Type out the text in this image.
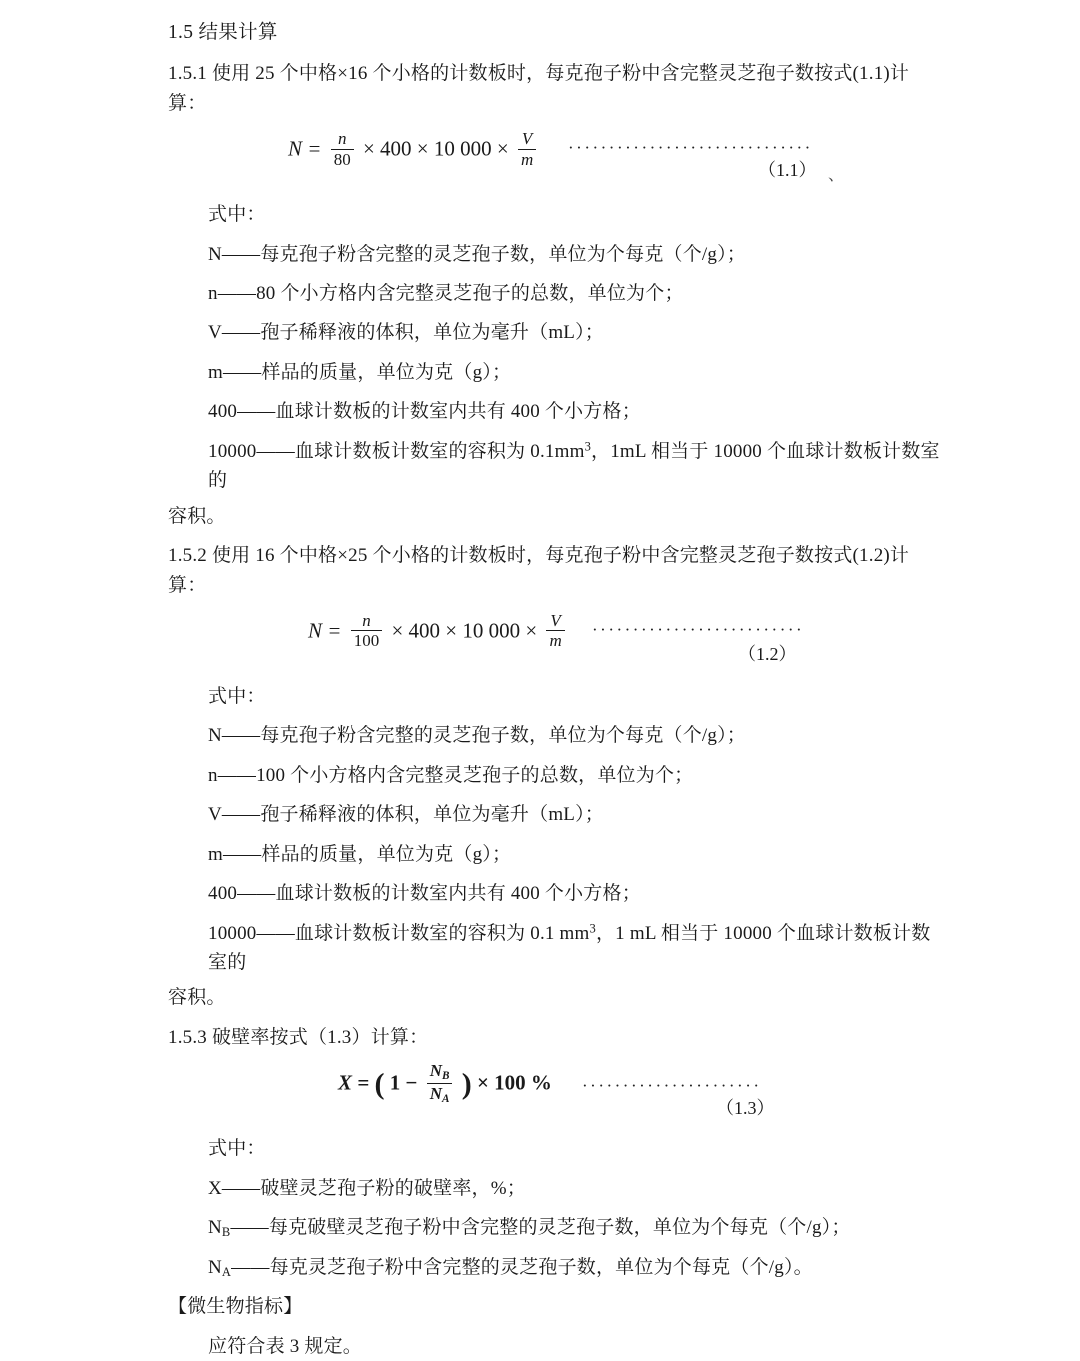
1.5 结果计算
1.5.1 使用 25 个中格×16 个小格的计数板时，每克孢子粉中含完整灵芝孢子数按式(1.1)计算：
$N = \frac{n}{80} \times 400 \times 10$ $000 \times \frac{V}{m}$ ······························
（1.1） 、
式中：
N——每克孢子粉含完整的灵芝孢子数，单位为个每克（个/g）；
n——80 个小方格内含完整灵芝孢子的总数，单位为个；
V——孢子稀释液的体积，单位为毫升（mL）；
m——样品的质量，单位为克（g）；
400——血球计数板的计数室内共有 400 个小方格；
10000——血球计数板计数室的容积为 $0.1mm^3$，1mL 相当于 10000 个血球计数板计数室的
容积。
1.5.2 使用 16 个中格×25 个小格的计数板时，每克孢子粉中含完整灵芝孢子数按式(1.2)计算：
$N = \frac{n}{100} \times 400 \times 10$ $000 \times \frac{V}{m}$ ··························
（1.2）
式中：
N——每克孢子粉含完整的灵芝孢子数，单位为个每克（个/g）；
n——100 个小方格内含完整灵芝孢子的总数，单位为个；
V——孢子稀释液的体积，单位为毫升（mL）；
m——样品的质量，单位为克（g）；
400——血球计数板的计数室内共有 400 个小方格；
10000——血球计数板计数室的容积为 0.1 $mm^3$，1 mL 相当于 10000 个血球计数板计数室的
容积。
1.5.3 破壁率按式（1.3）计算：
X = ( $1 - \frac{N_B}{N_A}$ ) × 100 % ······················
（1.3）
式中：
X——破壁灵芝孢子粉的破壁率，%；
$N_B——$每克破壁灵芝孢子粉中含完整的灵芝孢子数，单位为个每克（个/g）；
$N_A——$每克灵芝孢子粉中含完整的灵芝孢子数，单位为个每克（个/g）。
【微生物指标】
应符合表 3 规定。
